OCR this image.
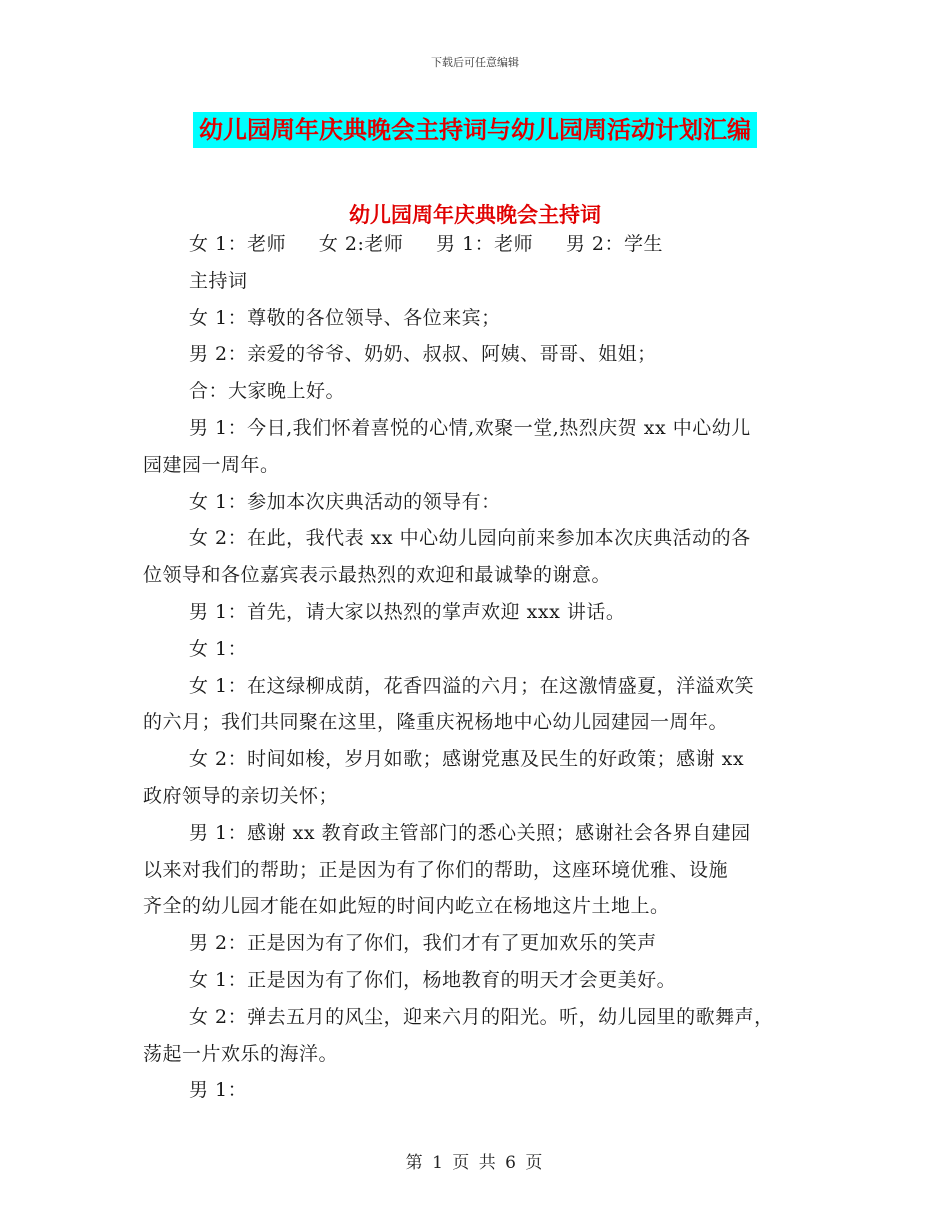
下载后可任意编辑
幼儿园周年庆典晚会主持词与幼儿园周活动计划汇编
幼儿园周年庆典晚会主持词
女 1：老师     女 2:老师     男 1：老师     男 2：学生
主持词
女 1：尊敬的各位领导、各位来宾；
男 2：亲爱的爷爷、奶奶、叔叔、阿姨、哥哥、姐姐；
合：大家晚上好。
男 1：今日,我们怀着喜悦的心情,欢聚一堂,热烈庆贺 xx 中心幼儿
园建园一周年。
女 1：参加本次庆典活动的领导有：
女 2：在此，我代表 xx 中心幼儿园向前来参加本次庆典活动的各
位领导和各位嘉宾表示最热烈的欢迎和最诚挚的谢意。
男 1：首先，请大家以热烈的掌声欢迎 xxx 讲话。
女 1：
女 1：在这绿柳成荫，花香四溢的六月；在这激情盛夏，洋溢欢笑
的六月；我们共同聚在这里，隆重庆祝杨地中心幼儿园建园一周年。
女 2：时间如梭，岁月如歌；感谢党惠及民生的好政策；感谢 xx
政府领导的亲切关怀；
男 1：感谢 xx 教育政主管部门的悉心关照；感谢社会各界自建园
以来对我们的帮助；正是因为有了你们的帮助，这座环境优雅、设施
齐全的幼儿园才能在如此短的时间内屹立在杨地这片土地上。
男 2：正是因为有了你们，我们才有了更加欢乐的笑声
女 1：正是因为有了你们，杨地教育的明天才会更美好。
女 2：弹去五月的风尘，迎来六月的阳光。听，幼儿园里的歌舞声，
荡起一片欢乐的海洋。
男 1：
第 1 页 共 6 页
